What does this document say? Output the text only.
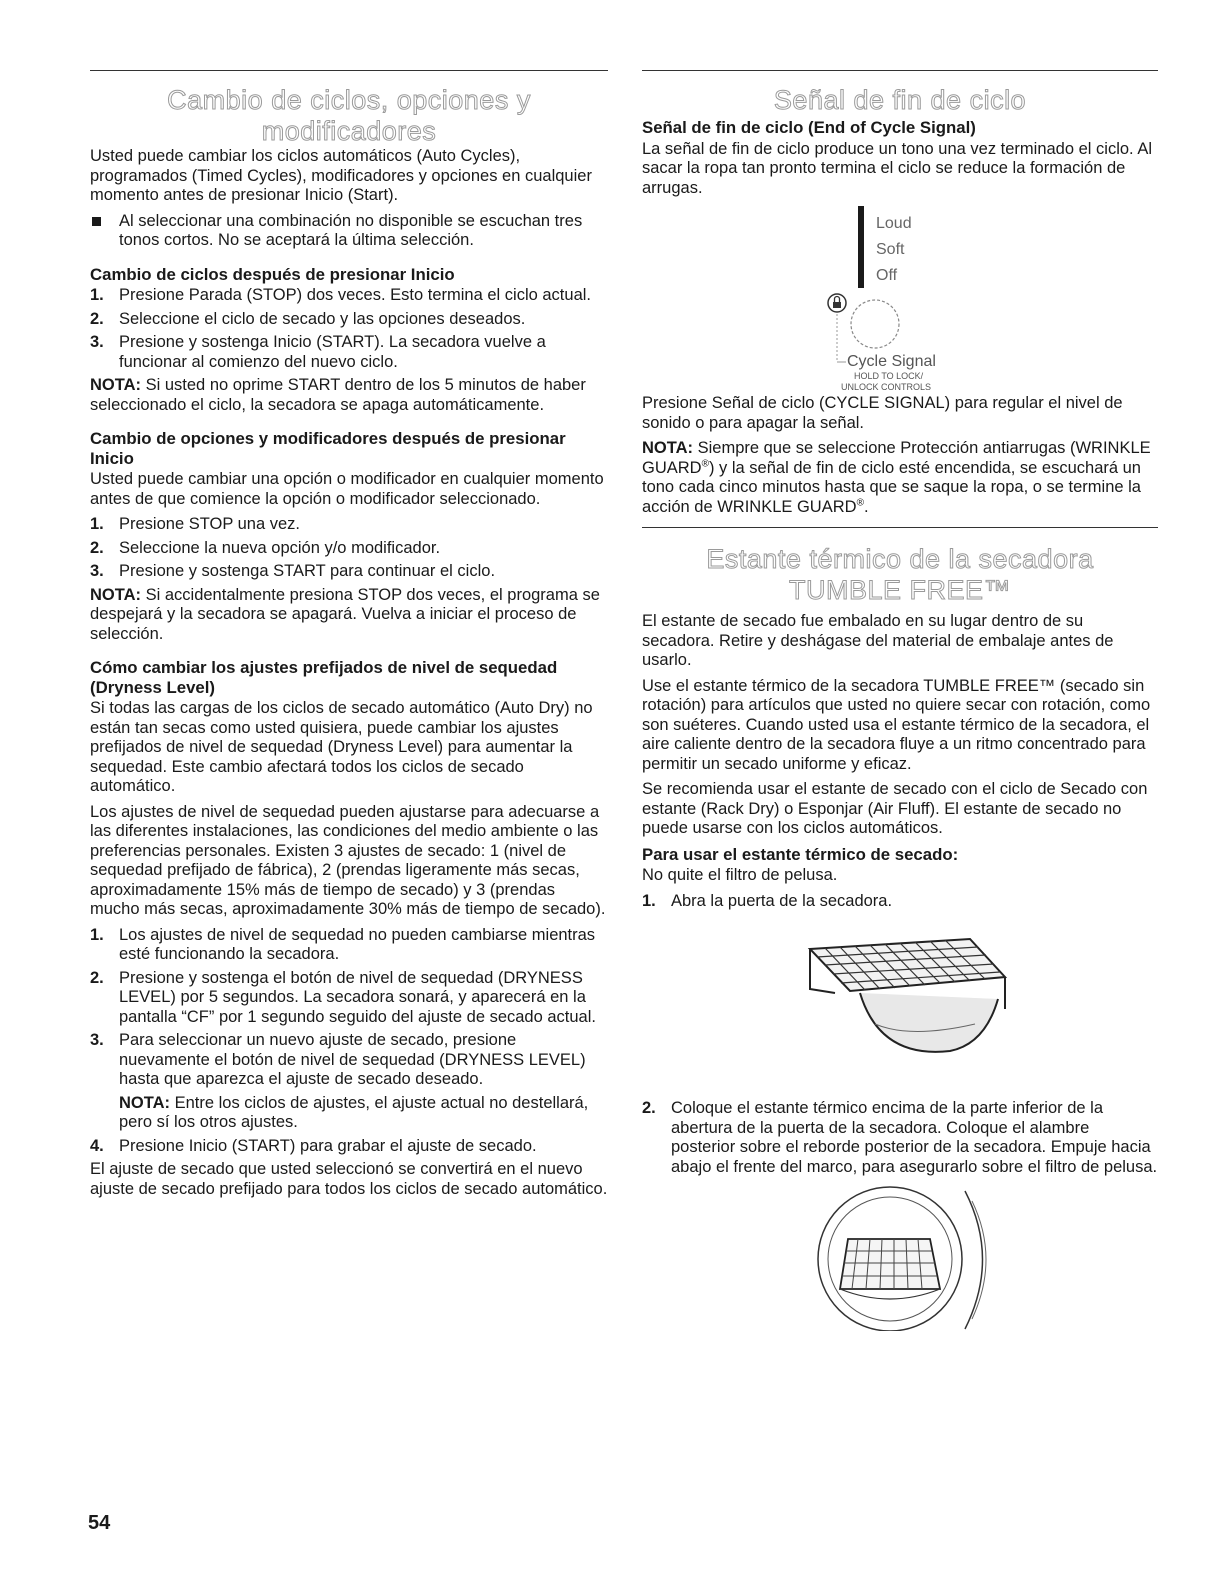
Cambio de ciclos, opciones y
modificadores

Usted puede cambiar los ciclos automáticos (Auto Cycles), programados (Timed Cycles), modificadores y opciones en cualquier momento antes de presionar Inicio (Start).

Al seleccionar una combinación no disponible se escuchan tres tonos cortos. No se aceptará la última selección.
Cambio de ciclos después de presionar Inicio
1. Presione Parada (STOP) dos veces. Esto termina el ciclo actual.
2. Seleccione el ciclo de secado y las opciones deseados.
3. Presione y sostenga Inicio (START). La secadora vuelve a funcionar al comienzo del nuevo ciclo.

NOTA: Si usted no oprime START dentro de los 5 minutos de haber seleccionado el ciclo, la secadora se apaga automáticamente.

Cambio de opciones y modificadores después de presionar Inicio

Usted puede cambiar una opción o modificador en cualquier momento antes de que comience la opción o modificador seleccionado.

1. Presione STOP una vez.
2. Seleccione la nueva opción y/o modificador.
3. Presione y sostenga START para continuar el ciclo.

NOTA: Si accidentalmente presiona STOP dos veces, el programa se despejará y la secadora se apagará. Vuelva a iniciar el proceso de selección.

Cómo cambiar los ajustes prefijados de nivel de sequedad (Dryness Level)

Si todas las cargas de los ciclos de secado automático (Auto Dry) no están tan secas como usted quisiera, puede cambiar los ajustes prefijados de nivel de sequedad (Dryness Level) para aumentar la sequedad. Este cambio afectará todos los ciclos de secado automático.

Los ajustes de nivel de sequedad pueden ajustarse para adecuarse a las diferentes instalaciones, las condiciones del medio ambiente o las preferencias personales. Existen 3 ajustes de secado: 1 (nivel de sequedad prefijado de fábrica), 2 (prendas ligeramente más secas, aproximadamente 15% más de tiempo de secado) y 3 (prendas mucho más secas, aproximadamente 30% más de tiempo de secado).

1. Los ajustes de nivel de sequedad no pueden cambiarse mientras esté funcionando la secadora.
2. Presione y sostenga el botón de nivel de sequedad (DRYNESS LEVEL) por 5 segundos. La secadora sonará, y aparecerá en la pantalla “CF” por 1 segundo seguido del ajuste de secado actual.
3. Para seleccionar un nuevo ajuste de secado, presione nuevamente el botón de nivel de sequedad (DRYNESS LEVEL) hasta que aparezca el ajuste de secado deseado.
NOTA: Entre los ciclos de ajustes, el ajuste actual no destellará, pero sí los otros ajustes.
4. Presione Inicio (START) para grabar el ajuste de secado.

El ajuste de secado que usted seleccionó se convertirá en el nuevo ajuste de secado prefijado para todos los ciclos de secado automático.

Señal de fin de ciclo
Señal de fin de ciclo (End of Cycle Signal)

La señal de fin de ciclo produce un tono una vez terminado el ciclo. Al sacar la ropa tan pronto termina el ciclo se reduce la formación de arrugas.

Loud
Soft
Off
Cycle Signal
HOLD TO LOCK/
UNLOCK CONTROLS

Presione Señal de ciclo (CYCLE SIGNAL) para regular el nivel de sonido o para apagar la señal.

NOTA: Siempre que se seleccione Protección antiarrugas (WRINKLE GUARD®) y la señal de fin de ciclo esté encendida, se escuchará un tono cada cinco minutos hasta que se saque la ropa, o se termine la acción de WRINKLE GUARD®.

Estante térmico de la secadora
TUMBLE FREE™

El estante de secado fue embalado en su lugar dentro de su secadora. Retire y deshágase del material de embalaje antes de usarlo.

Use el estante térmico de la secadora TUMBLE FREE™ (secado sin rotación) para artículos que usted no quiere secar con rotación, como son suéteres. Cuando usted usa el estante térmico de la secadora, el aire caliente dentro de la secadora fluye a un ritmo concentrado para permitir un secado uniforme y eficaz.

Se recomienda usar el estante de secado con el ciclo de Secado con estante (Rack Dry) o Esponjar (Air Fluff). El estante de secado no puede usarse con los ciclos automáticos.

Para usar el estante térmico de secado:

No quite el filtro de pelusa.

1. Abra la puerta de la secadora.
2. Coloque el estante térmico encima de la parte inferior de la abertura de la puerta de la secadora. Coloque el alambre posterior sobre el reborde posterior de la secadora. Empuje hacia abajo el frente del marco, para asegurarlo sobre el filtro de pelusa.
54
